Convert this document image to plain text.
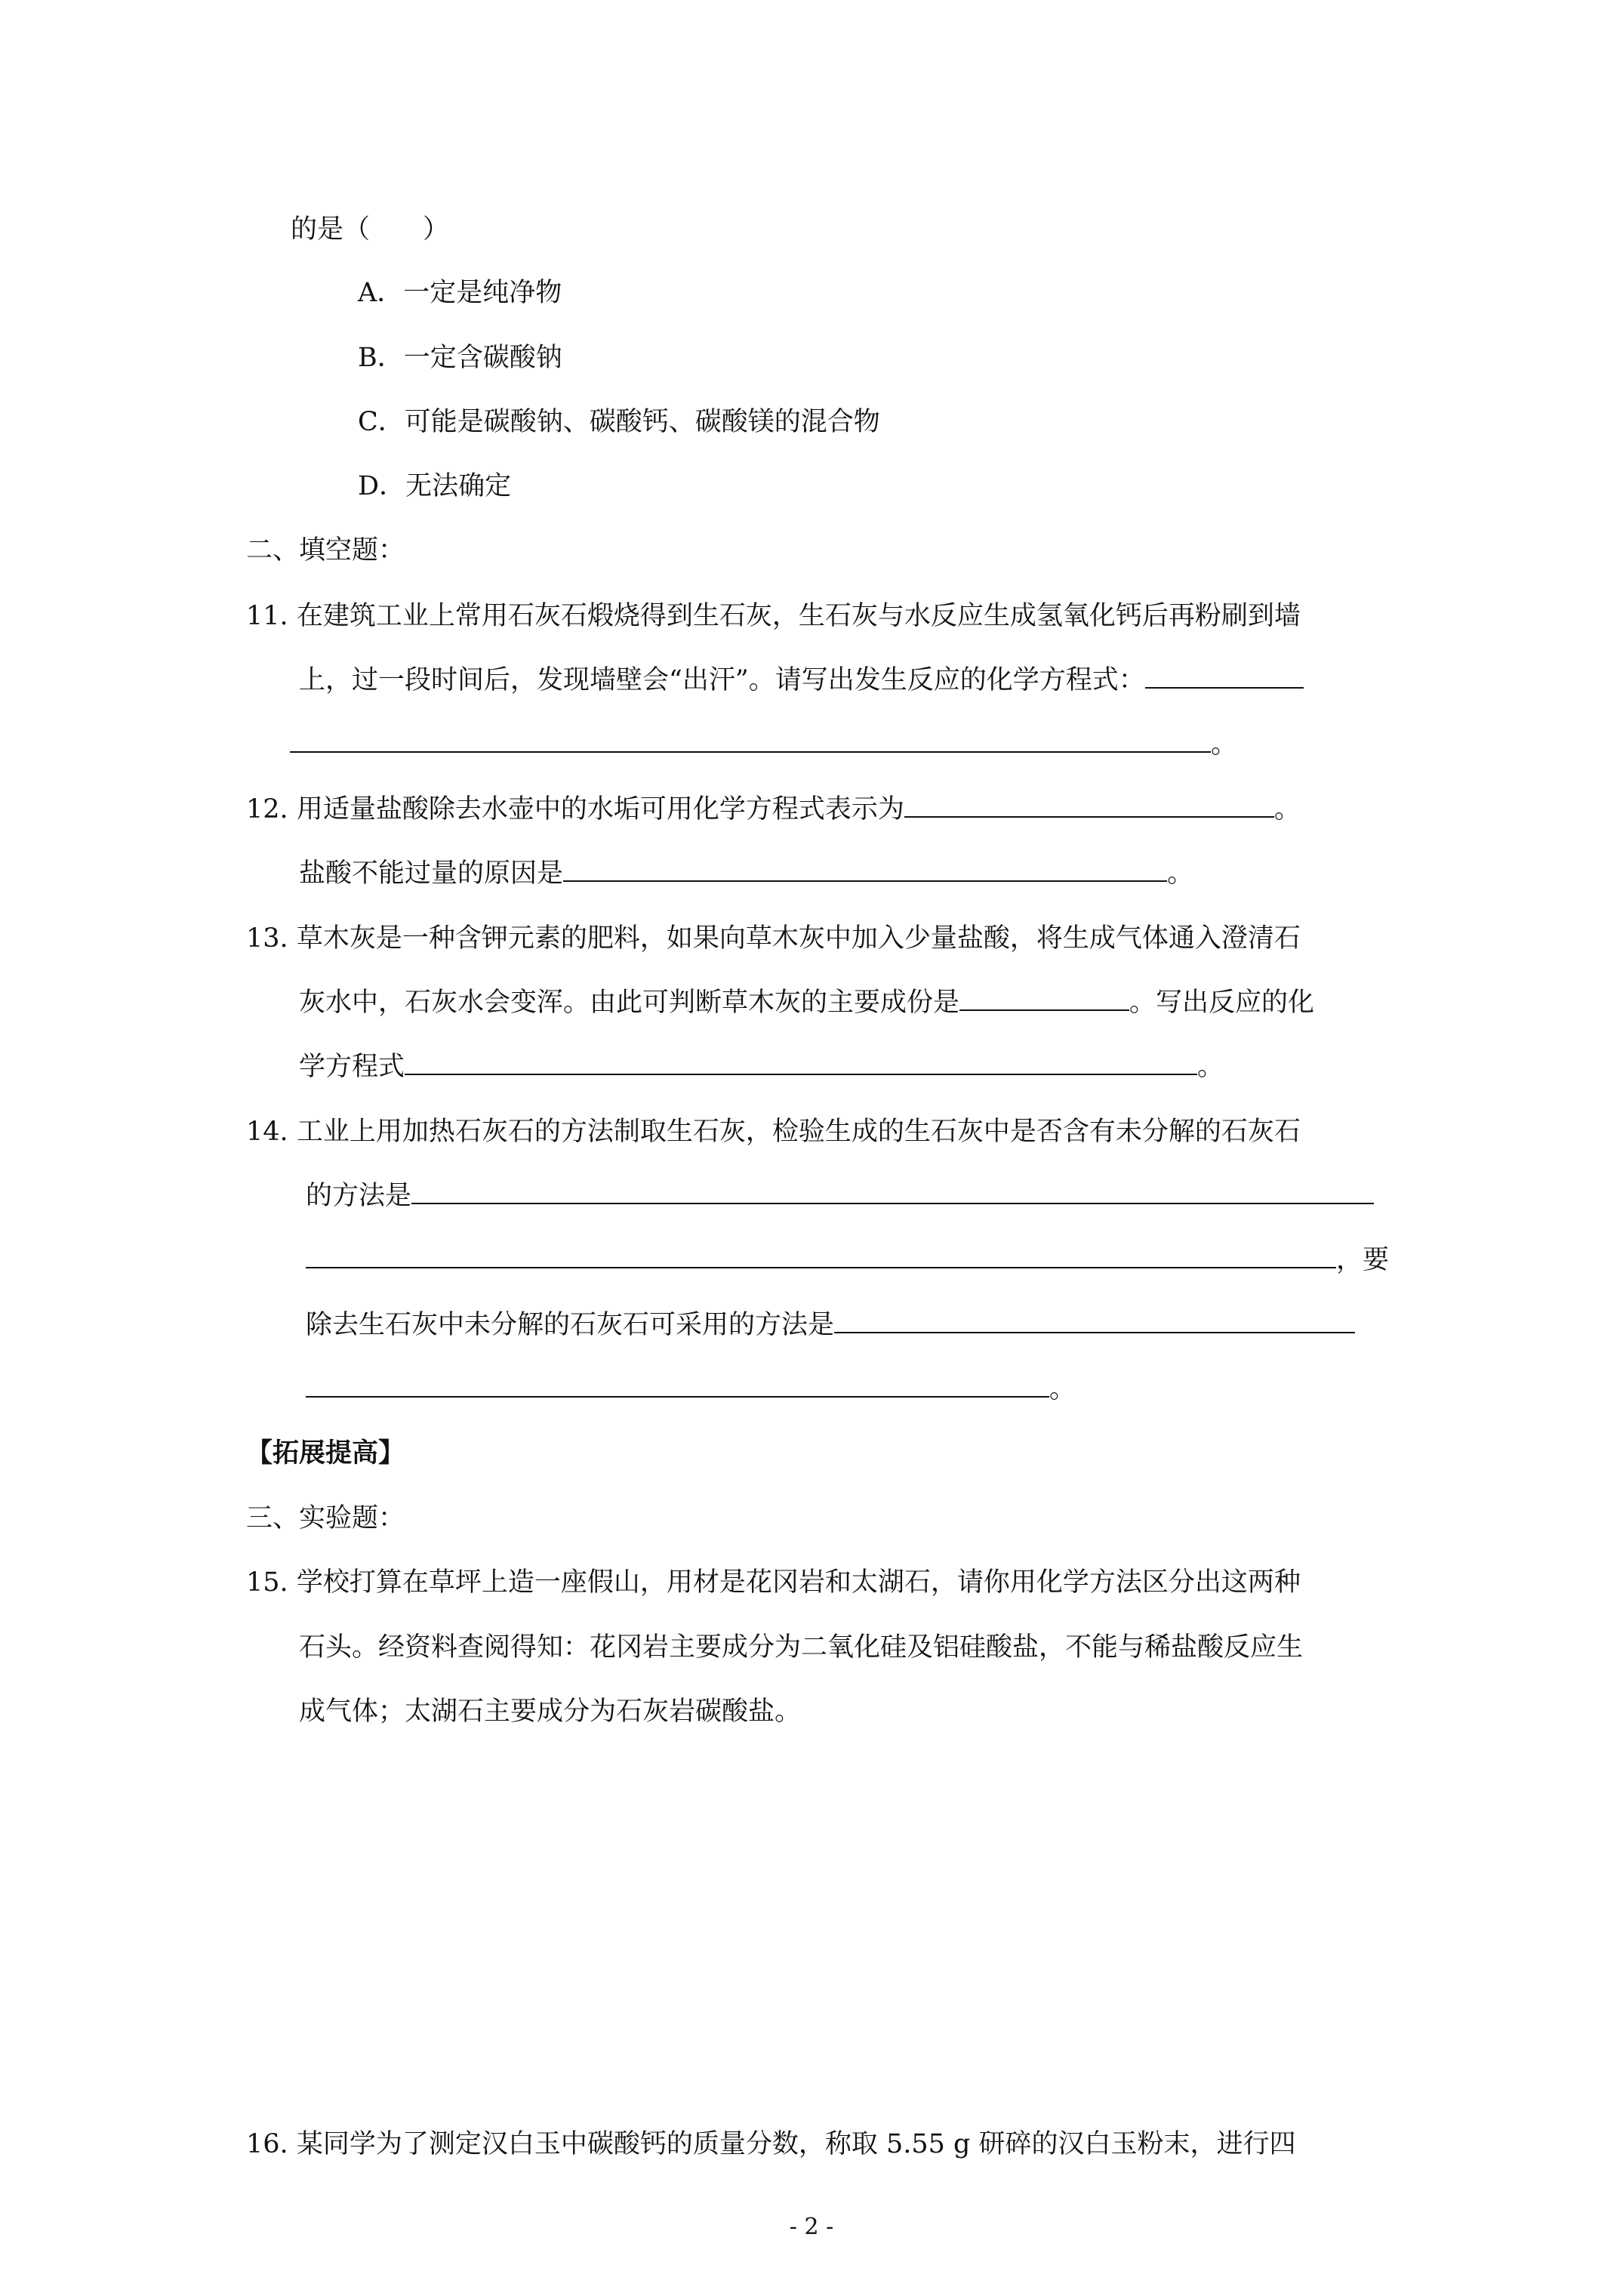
的是（　　）
A．一定是纯净物
B．一定含碳酸钠
C．可能是碳酸钠、碳酸钙、碳酸镁的混合物
D．无法确定
二、填空题：
11. 在建筑工业上常用石灰石煅烧得到生石灰，生石灰与水反应生成氢氧化钙后再粉刷到墙
上，过一段时间后，发现墙壁会“出汗”。请写出发生反应的化学方程式：
。
12. 用适量盐酸除去水壶中的水垢可用化学方程式表示为	。
盐酸不能过量的原因是	。
13. 草木灰是一种含钾元素的肥料，如果向草木灰中加入少量盐酸，将生成气体通入澄清石
灰水中，石灰水会变浑。由此可判断草木灰的主要成份是	。写出反应的化
学方程式	。
14. 工业上用加热石灰石的方法制取生石灰，检验生成的生石灰中是否含有未分解的石灰石
的方法是
，要
除去生石灰中未分解的石灰石可采用的方法是
。
【拓展提高】
三、实验题：
15. 学校打算在草坪上造一座假山，用材是花冈岩和太湖石，请你用化学方法区分出这两种
石头。经资料查阅得知：花冈岩主要成分为二氧化硅及铝硅酸盐，不能与稀盐酸反应生
成气体；太湖石主要成分为石灰岩碳酸盐。
16. 某同学为了测定汉白玉中碳酸钙的质量分数，称取 5.55 g 研碎的汉白玉粉末，进行四
- 2 -
